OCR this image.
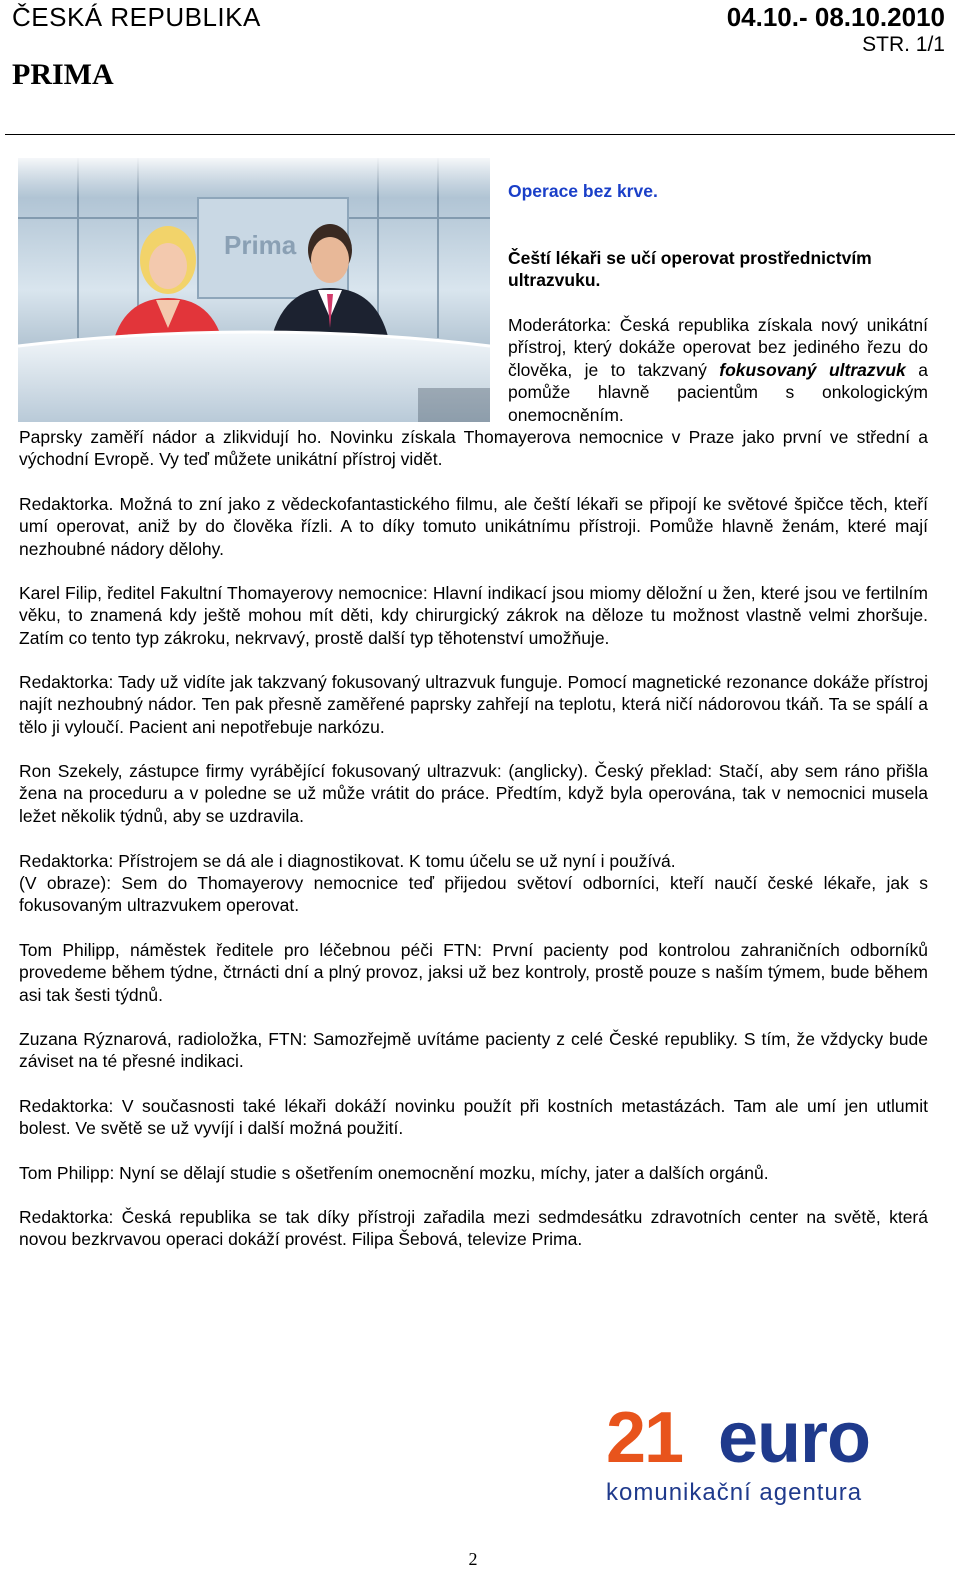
ČESKÁ REPUBLIKA	04.10.- 08.10.2010
STR. 1/1
PRIMA
Prima
Operace bez krve.
Čeští lékaři se učí operovat prostřednictvím ultrazvuku.
Moderátorka: Česká republika získala nový unikátní přístroj, který dokáže operovat bez jediného řezu do člověka, je to takzvaný fokusovaný ultrazvuk a pomůže hlavně pacientům s onkologickým onemocněním.

Paprsky zaměří nádor a zlikvidují ho. Novinku získala Thomayerova nemocnice v Praze jako první ve střední a východní Evropě. Vy teď můžete unikátní přístroj vidět.

Redaktorka. Možná to zní jako z vědeckofantastického filmu, ale čeští lékaři se připojí ke světové špičce těch, kteří umí operovat, aniž by do člověka řízli. A to díky tomuto unikátnímu přístroji. Pomůže hlavně ženám, které mají nezhoubné nádory dělohy.

Karel Filip, ředitel Fakultní Thomayerovy nemocnice: Hlavní indikací jsou miomy děložní u žen, které jsou ve fertilním věku, to znamená kdy ještě mohou mít děti, kdy chirurgický zákrok na děloze tu možnost vlastně velmi zhoršuje. Zatím co tento typ zákroku, nekrvavý, prostě další typ těhotenství umožňuje.

Redaktorka: Tady už vidíte jak takzvaný fokusovaný ultrazvuk funguje. Pomocí magnetické rezonance dokáže přístroj najít nezhoubný nádor. Ten pak přesně zaměřené paprsky zahřejí na teplotu, která ničí nádorovou tkáň. Ta se spálí a tělo ji vyloučí. Pacient ani nepotřebuje narkózu.

Ron Szekely, zástupce firmy vyrábějící fokusovaný ultrazvuk: (anglicky). Český překlad: Stačí, aby sem ráno přišla žena na proceduru a v poledne se už může vrátit do práce. Předtím, když byla operována, tak v nemocnici musela ležet několik týdnů, aby se uzdravila.

Redaktorka: Přístrojem se dá ale i diagnostikovat. K tomu účelu se už nyní i používá.

(V obraze): Sem do Thomayerovy nemocnice teď přijedou světoví odborníci, kteří naučí české lékaře, jak s fokusovaným ultrazvukem operovat.

Tom Philipp, náměstek ředitele pro léčebnou péči FTN: První pacienty pod kontrolou zahraničních odborníků provedeme během týdne, čtrnácti dní a plný provoz, jaksi už bez kontroly, prostě pouze s naším týmem, bude během asi tak šesti týdnů.

Zuzana Rýznarová, radioložka, FTN: Samozřejmě uvítáme pacienty z celé České republiky. S tím, že vždycky bude záviset na té přesné indikaci.

Redaktorka: V současnosti také lékaři dokáží novinku použít při kostních metastázách. Tam ale umí jen utlumit bolest. Ve světě se už vyvíjí i další možná použití.

Tom Philipp: Nyní se dělají studie s ošetřením onemocnění mozku, míchy, jater a dalších orgánů.

Redaktorka: Česká republika se tak díky přístroji zařadila mezi sedmdesátku zdravotních center na světě, která novou bezkrvavou operaci dokáží provést. Filipa Šebová, televize Prima.

21 euro
komunikační agentura
2
